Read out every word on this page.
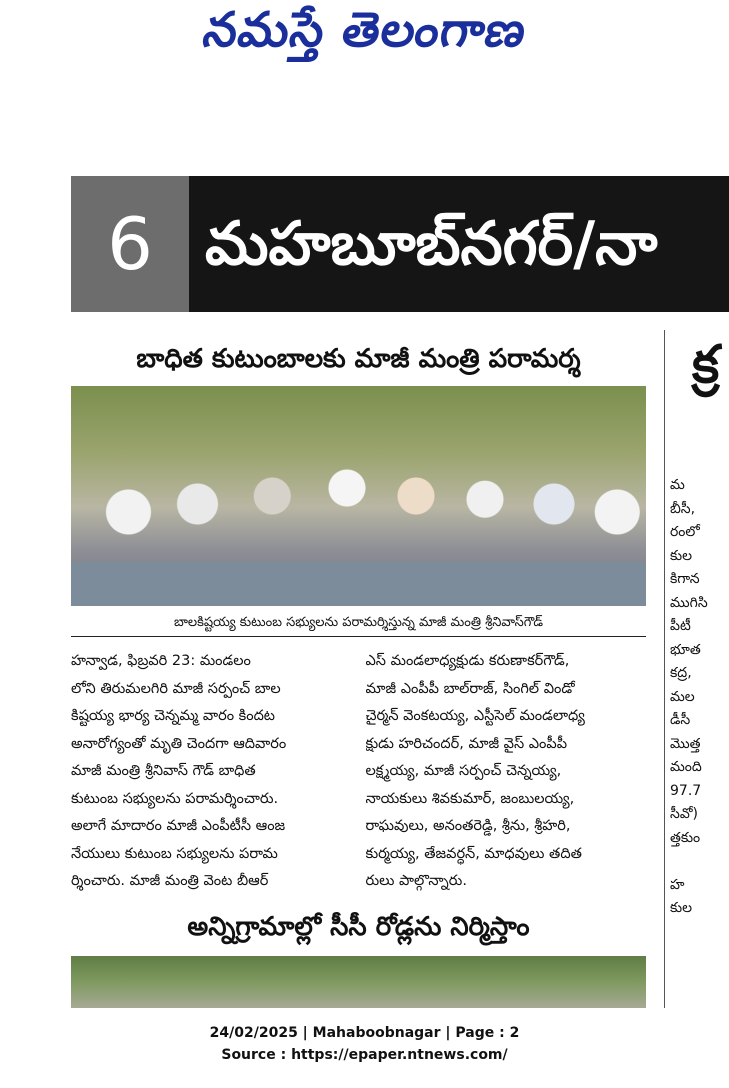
నమస్తే తెలంగాణ
6 మహబూబ్‌నగర్/నా
బాధిత కుటుంబాలకు మాజీ మంత్రి పరామర్శ
బాలకిష్టయ్య కుటుంబ సభ్యులను పరామర్శిస్తున్న మాజీ మంత్రి శ్రీనివాస్‌గౌడ్
హన్వాడ, ఫిబ్రవరి 23: మండలం
లోని తిరుమలగిరి మాజీ సర్పంచ్ బాల
కిష్టయ్య భార్య చెన్నమ్మ వారం కిందట
అనారోగ్యంతో మృతి చెందగా ఆదివారం
మాజీ మంత్రి శ్రీనివాస్ గౌడ్ బాధిత
కుటుంబ సభ్యులను పరామర్శించారు.
అలాగే మాదారం మాజీ ఎంపీటీసీ ఆంజ
నేయులు కుటుంబ సభ్యులను పరామ
ర్శించారు. మాజీ మంత్రి వెంట బీఆర్
ఎస్ మండలాధ్యక్షుడు కరుణాకర్‌గౌడ్,
మాజీ ఎంపీపీ బాల్‌రాజ్, సింగిల్ విండో
చైర్మన్ వెంకటయ్య, ఎస్టీసెల్ మండలాధ్య
క్షుడు హరిచందర్, మాజీ వైస్ ఎంపీపీ
లక్ష్మయ్య, మాజీ సర్పంచ్ చెన్నయ్య,
నాయకులు శివకుమార్, జంబులయ్య,
రాఘవులు, అనంతరెడ్డి, శ్రీను, శ్రీహరి,
కుర్మయ్య, తేజవర్ధన్, మాధవులు తదిత
రులు పాల్గొన్నారు.
అన్నిగ్రామాల్లో సీసీ రోడ్లను నిర్మిస్తాం
క్ర
మ
బీసీ,
రంలో
కుల
కిగాన
ముగిసి
పీటీ
భూత
కద్ర,
మల
డీసీ
మొత్త
మంది
97.7
సీవో)
త్తకుం

హ
కుల
24/02/2025 | Mahaboobnagar | Page : 2
Source : https://epaper.ntnews.com/
